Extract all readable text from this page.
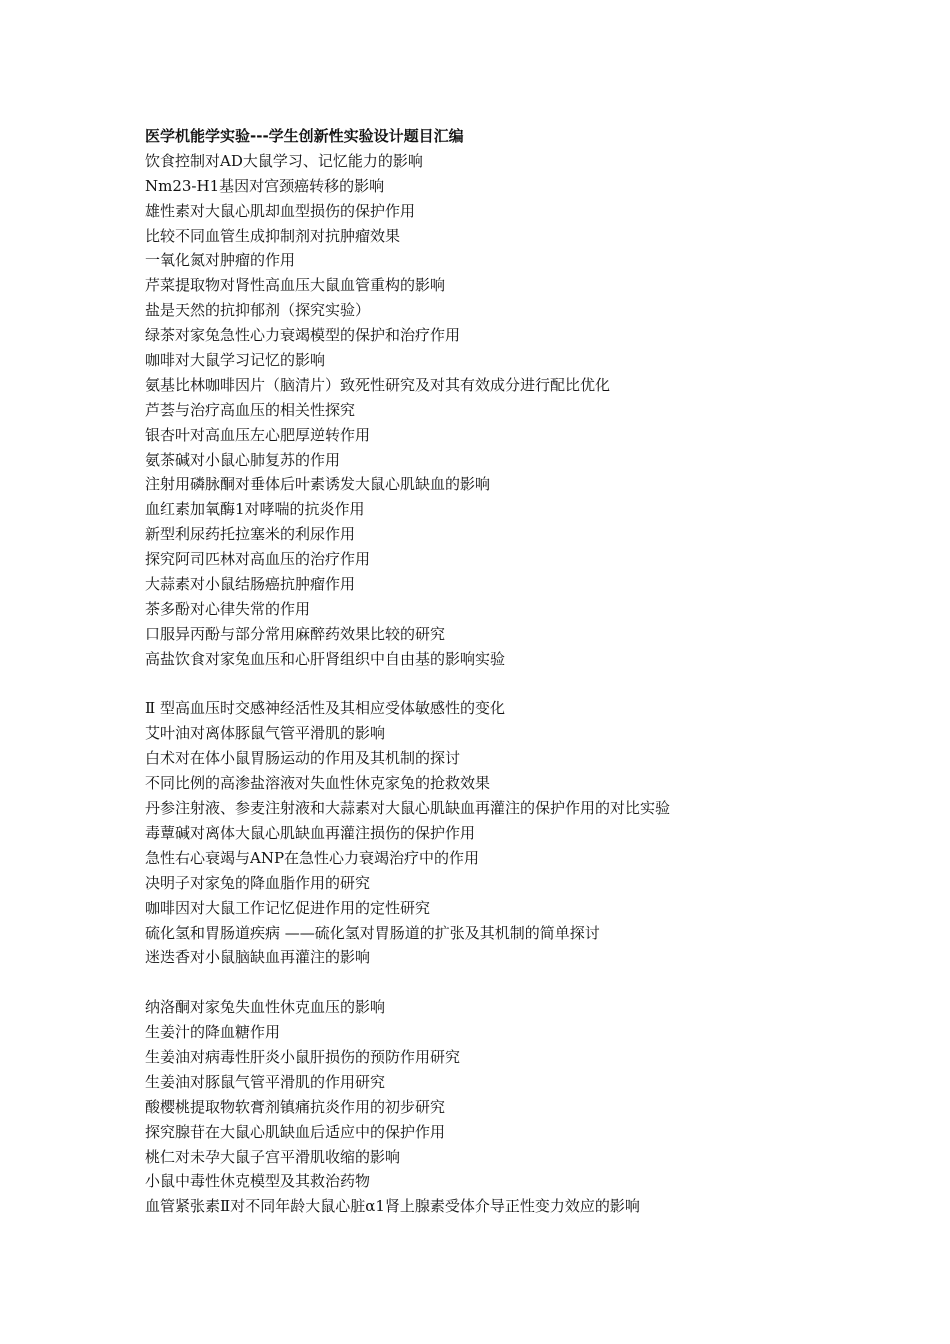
医学机能学实验---学生创新性实验设计题目汇编
饮食控制对AD大鼠学习、记忆能力的影响
Nm23-H1基因对宫颈癌转移的影响
雄性素对大鼠心肌却血型损伤的保护作用
比较不同血管生成抑制剂对抗肿瘤效果
一氧化氮对肿瘤的作用
芹菜提取物对肾性高血压大鼠血管重构的影响
盐是天然的抗抑郁剂（探究实验）
绿茶对家兔急性心力衰竭模型的保护和治疗作用
咖啡对大鼠学习记忆的影响
氨基比林咖啡因片（脑清片）致死性研究及对其有效成分进行配比优化
芦荟与治疗高血压的相关性探究
银杏叶对高血压左心肥厚逆转作用
氨茶碱对小鼠心肺复苏的作用
注射用磷脉酮对垂体后叶素诱发大鼠心肌缺血的影响
血红素加氧酶1对哮喘的抗炎作用
新型利尿药托拉塞米的利尿作用
探究阿司匹林对高血压的治疗作用
大蒜素对小鼠结肠癌抗肿瘤作用
茶多酚对心律失常的作用
口服异丙酚与部分常用麻醉药效果比较的研究
高盐饮食对家兔血压和心肝肾组织中自由基的影响实验
Ⅱ 型高血压时交感神经活性及其相应受体敏感性的变化
艾叶油对离体豚鼠气管平滑肌的影响
白术对在体小鼠胃肠运动的作用及其机制的探讨
不同比例的高渗盐溶液对失血性休克家兔的抢救效果
丹参注射液、参麦注射液和大蒜素对大鼠心肌缺血再灌注的保护作用的对比实验
毒蕈碱对离体大鼠心肌缺血再灌注损伤的保护作用
急性右心衰竭与ANP在急性心力衰竭治疗中的作用
决明子对家兔的降血脂作用的研究
咖啡因对大鼠工作记忆促进作用的定性研究
硫化氢和胃肠道疾病 ——硫化氢对胃肠道的扩张及其机制的简单探讨
迷迭香对小鼠脑缺血再灌注的影响
纳洛酮对家兔失血性休克血压的影响
生姜汁的降血糖作用
生姜油对病毒性肝炎小鼠肝损伤的预防作用研究
生姜油对豚鼠气管平滑肌的作用研究
酸樱桃提取物软膏剂镇痛抗炎作用的初步研究
探究腺苷在大鼠心肌缺血后适应中的保护作用
桃仁对未孕大鼠子宫平滑肌收缩的影响
小鼠中毒性休克模型及其救治药物
血管紧张素Ⅱ对不同年龄大鼠心脏α1肾上腺素受体介导正性变力效应的影响
